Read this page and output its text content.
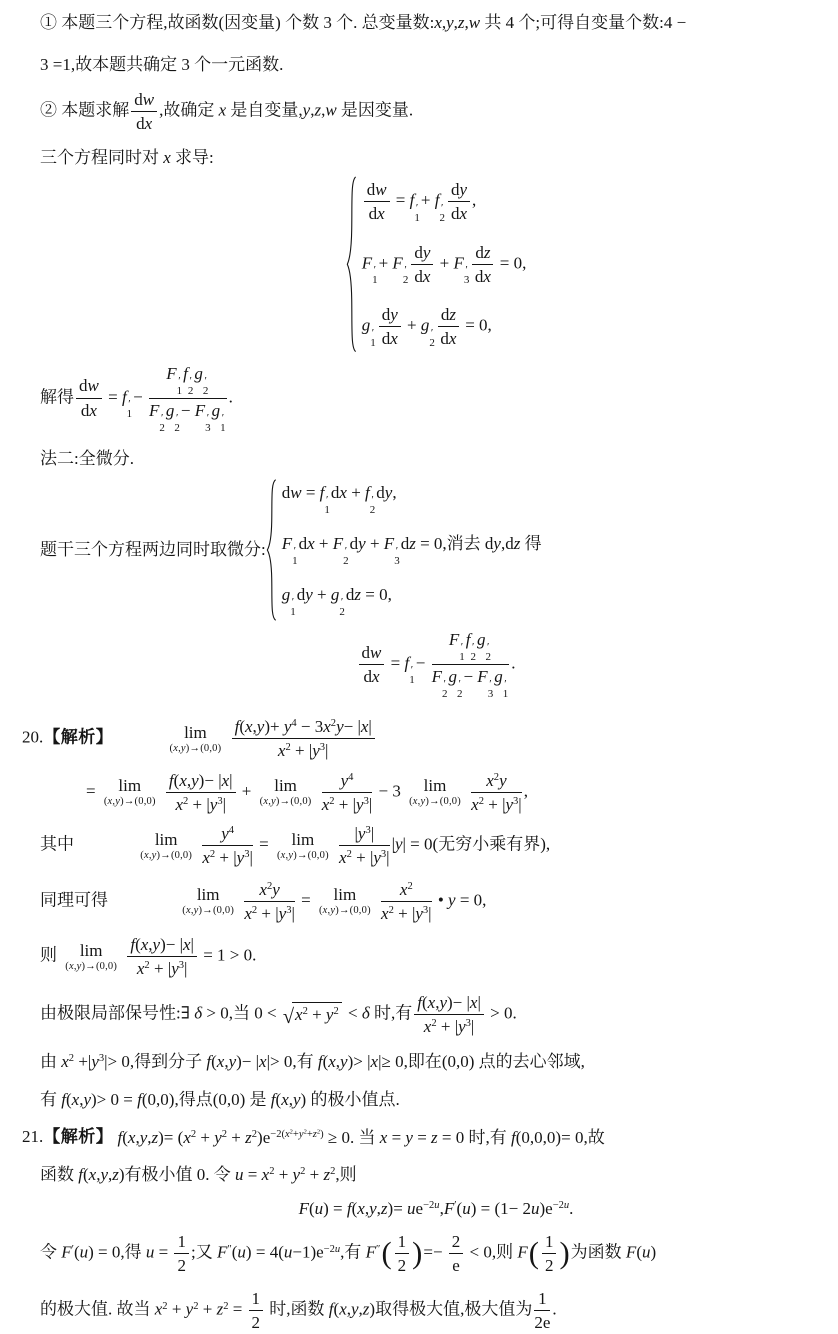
① 本题三个方程,故函数(因变量) 个数 3 个. 总变量数:x,y,z,w 共 4 个;可得自变量个数:4 −
3 =1,故本题共确定 3 个一元函数.
② 本题求解 $\frac{dw}{dx}$ ,故确定 x 是自变量,y,z,w 是因变量.
三个方程同时对 x 求导:
$\frac{dw}{dx} = f$ ′
1
+ f ′
$2 \frac{dy}{dx}$ ,
F ′
1
+ F ′
$2 \frac{dy}{dx} + F$ ′
$3 \frac{dz}{dx} = 0$,
g ′
$1 \frac{dy}{dx} + g$ ′
$2 \frac{dz}{dx} = 0$,
解得 $\frac{dw}{dx} = f$ ′
1
− F ′
1
f ′
2
g ′
2
F ′
2
g ′
2
− F ′
3
g ′
1 .
法二:全微分.
题干三个方程两边同时取微分:
dw = f ′
1
dx + f ′
2
dy,
F ′
1
dx + F ′
2
dy + F ′
3
dz = 0,消去 dy,dz 得
g ′
1
dy + g ′
2
dz = 0,
$\frac{dw}{dx} = f$ ′
1
− F ′
1
f ′
2
g ′
2
F ′
2
g ′
2
− F ′
3
g ′
1 .
20.【解析】	lim
(x,y)→(0,0)
$\frac{f(x,y)+ y^4 - 3x^2y- |x|}{x^2 + |y^3|}$
= lim
(x,y)→(0,0)
$\frac{f(x,y)- |x|}{x^2 + |y^3|} + \lim$
(x,y)→(0,0)
$\frac{y^4}{x^2 + |y^3|} - 3$ lim
(x,y)→(0,0)
$\frac{x^2y}{x^2 + |y^3|}$ ,
其中	lim
(x,y)→(0,0)
$\frac{y^4}{x^2 + |y^3|} = \lim$
(x,y)→(0,0)
$\frac{|y^3|}{x^2 + |y^3|} |y| = 0$(无穷小乘有界),
同理可得	lim
(x,y)→(0,0)
$\frac{x^2y}{x^2 + |y^3|} = \lim$
(x,y)→(0,0)
$\frac{x^2}{x^2 + |y^3|}$ • y = 0,
则 lim
(x,y)→(0,0)
$\frac{f(x,y)- |x|}{x^2 + |y^3|} = 1 > 0$.
由极限局部保号性:∃ δ > 0,当 0 < √ $x^2 + y^2 < \delta$ 时,有 $\frac{f(x,y)- |x|}{x^2 + |y^3|} > 0$.
由 $x^2 +|y^3|> 0$,得到分子 f(x,y)− |x|> 0,有 f(x,y)> |x|≥ 0,即在(0,0) 点的去心邻域,
有 f(x,y)> 0 = f(0,0),得点(0,0) 是 f(x,y) 的极小值点.
21.【解析】 $f(x,y,z)= (x^2 + y^2 + z^2)e^{-2(x^2+y^2+z^2)} \ge 0$. 当 x = y = z = 0 时,有 f(0,0,0)= 0,故
函数 f(x,y,z)有极小值 0. 令 $u = x^2 + y^2 + z^2$,则
$F(u) = f(x,y,z)= ue^{-2u},F'(u) = (1- 2u)e^{-2u}$.
令 F′(u) = 0,得 $u = \frac{1}{2}$ ;又 $F''(u) = 4(u-1)e^{-2u}$,有 F″ ( $\frac{1}{2}$ ) =− $\frac{2}{e} < 0$,则 F ( $\frac{1}{2}$ ) 为函数 F(u)
的极大值. 故当 $x^2 + y^2 + z^2 = \frac{1}{2}$ 时,函数 f(x,y,z)取得极大值,极大值为 $\frac{1}{2e}$ .
